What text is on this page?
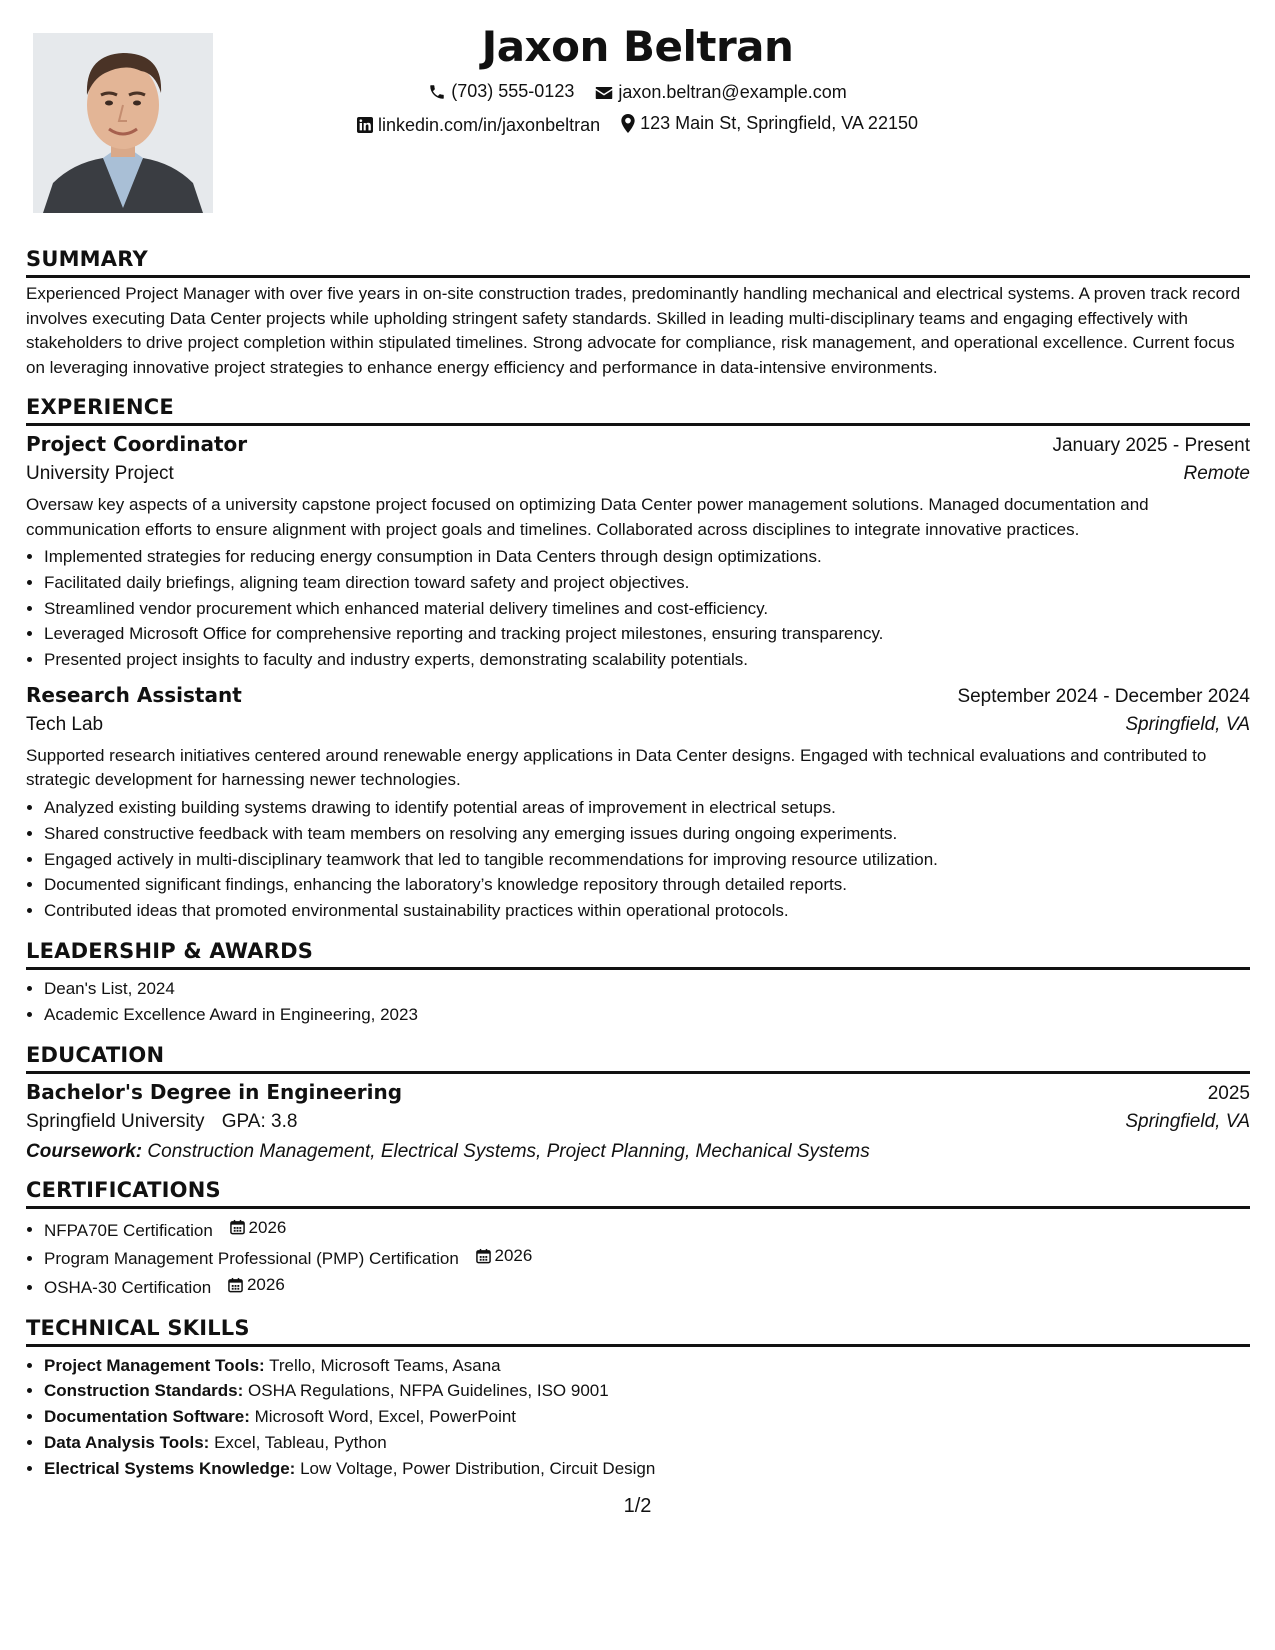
Jaxon Beltran
(703) 555-0123
jaxon.beltran@example.com
linkedin.com/in/jaxonbeltran
123 Main St, Springfield, VA 22150
SUMMARY

Experienced Project Manager with over five years in on-site construction trades, predominantly handling mechanical and electrical systems. A proven track record involves executing Data Center projects while upholding stringent safety standards. Skilled in leading multi-disciplinary teams and engaging effectively with stakeholders to drive project completion within stipulated timelines. Strong advocate for compliance, risk management, and operational excellence. Current focus on leveraging innovative project strategies to enhance energy efficiency and performance in data-intensive environments.

EXPERIENCE
Project Coordinator	January 2025 - Present
University Project	Remote

Oversaw key aspects of a university capstone project focused on optimizing Data Center power management solutions. Managed documentation and communication efforts to ensure alignment with project goals and timelines. Collaborated across disciplines to integrate innovative practices.

• Implemented strategies for reducing energy consumption in Data Centers through design optimizations.
• Facilitated daily briefings, aligning team direction toward safety and project objectives.
• Streamlined vendor procurement which enhanced material delivery timelines and cost-efficiency.
• Leveraged Microsoft Office for comprehensive reporting and tracking project milestones, ensuring transparency.
• Presented project insights to faculty and industry experts, demonstrating scalability potentials.
Research Assistant	September 2024 - December 2024
Tech Lab	Springfield, VA

Supported research initiatives centered around renewable energy applications in Data Center designs. Engaged with technical evaluations and contributed to strategic development for harnessing newer technologies.

• Analyzed existing building systems drawing to identify potential areas of improvement in electrical setups.
• Shared constructive feedback with team members on resolving any emerging issues during ongoing experiments.
• Engaged actively in multi-disciplinary teamwork that led to tangible recommendations for improving resource utilization.
• Documented significant findings, enhancing the laboratory’s knowledge repository through detailed reports.
• Contributed ideas that promoted environmental sustainability practices within operational protocols.
LEADERSHIP & AWARDS
• Dean's List, 2024
• Academic Excellence Award in Engineering, 2023
EDUCATION
Bachelor's Degree in Engineering	2025
Springfield University GPA: 3.8	Springfield, VA
Coursework: Construction Management, Electrical Systems, Project Planning, Mechanical Systems
CERTIFICATIONS
• NFPA70E Certification 2026
• Program Management Professional (PMP) Certification 2026
• OSHA-30 Certification 2026
TECHNICAL SKILLS
• Project Management Tools: Trello, Microsoft Teams, Asana
• Construction Standards: OSHA Regulations, NFPA Guidelines, ISO 9001
• Documentation Software: Microsoft Word, Excel, PowerPoint
• Data Analysis Tools: Excel, Tableau, Python
• Electrical Systems Knowledge: Low Voltage, Power Distribution, Circuit Design
1/2
